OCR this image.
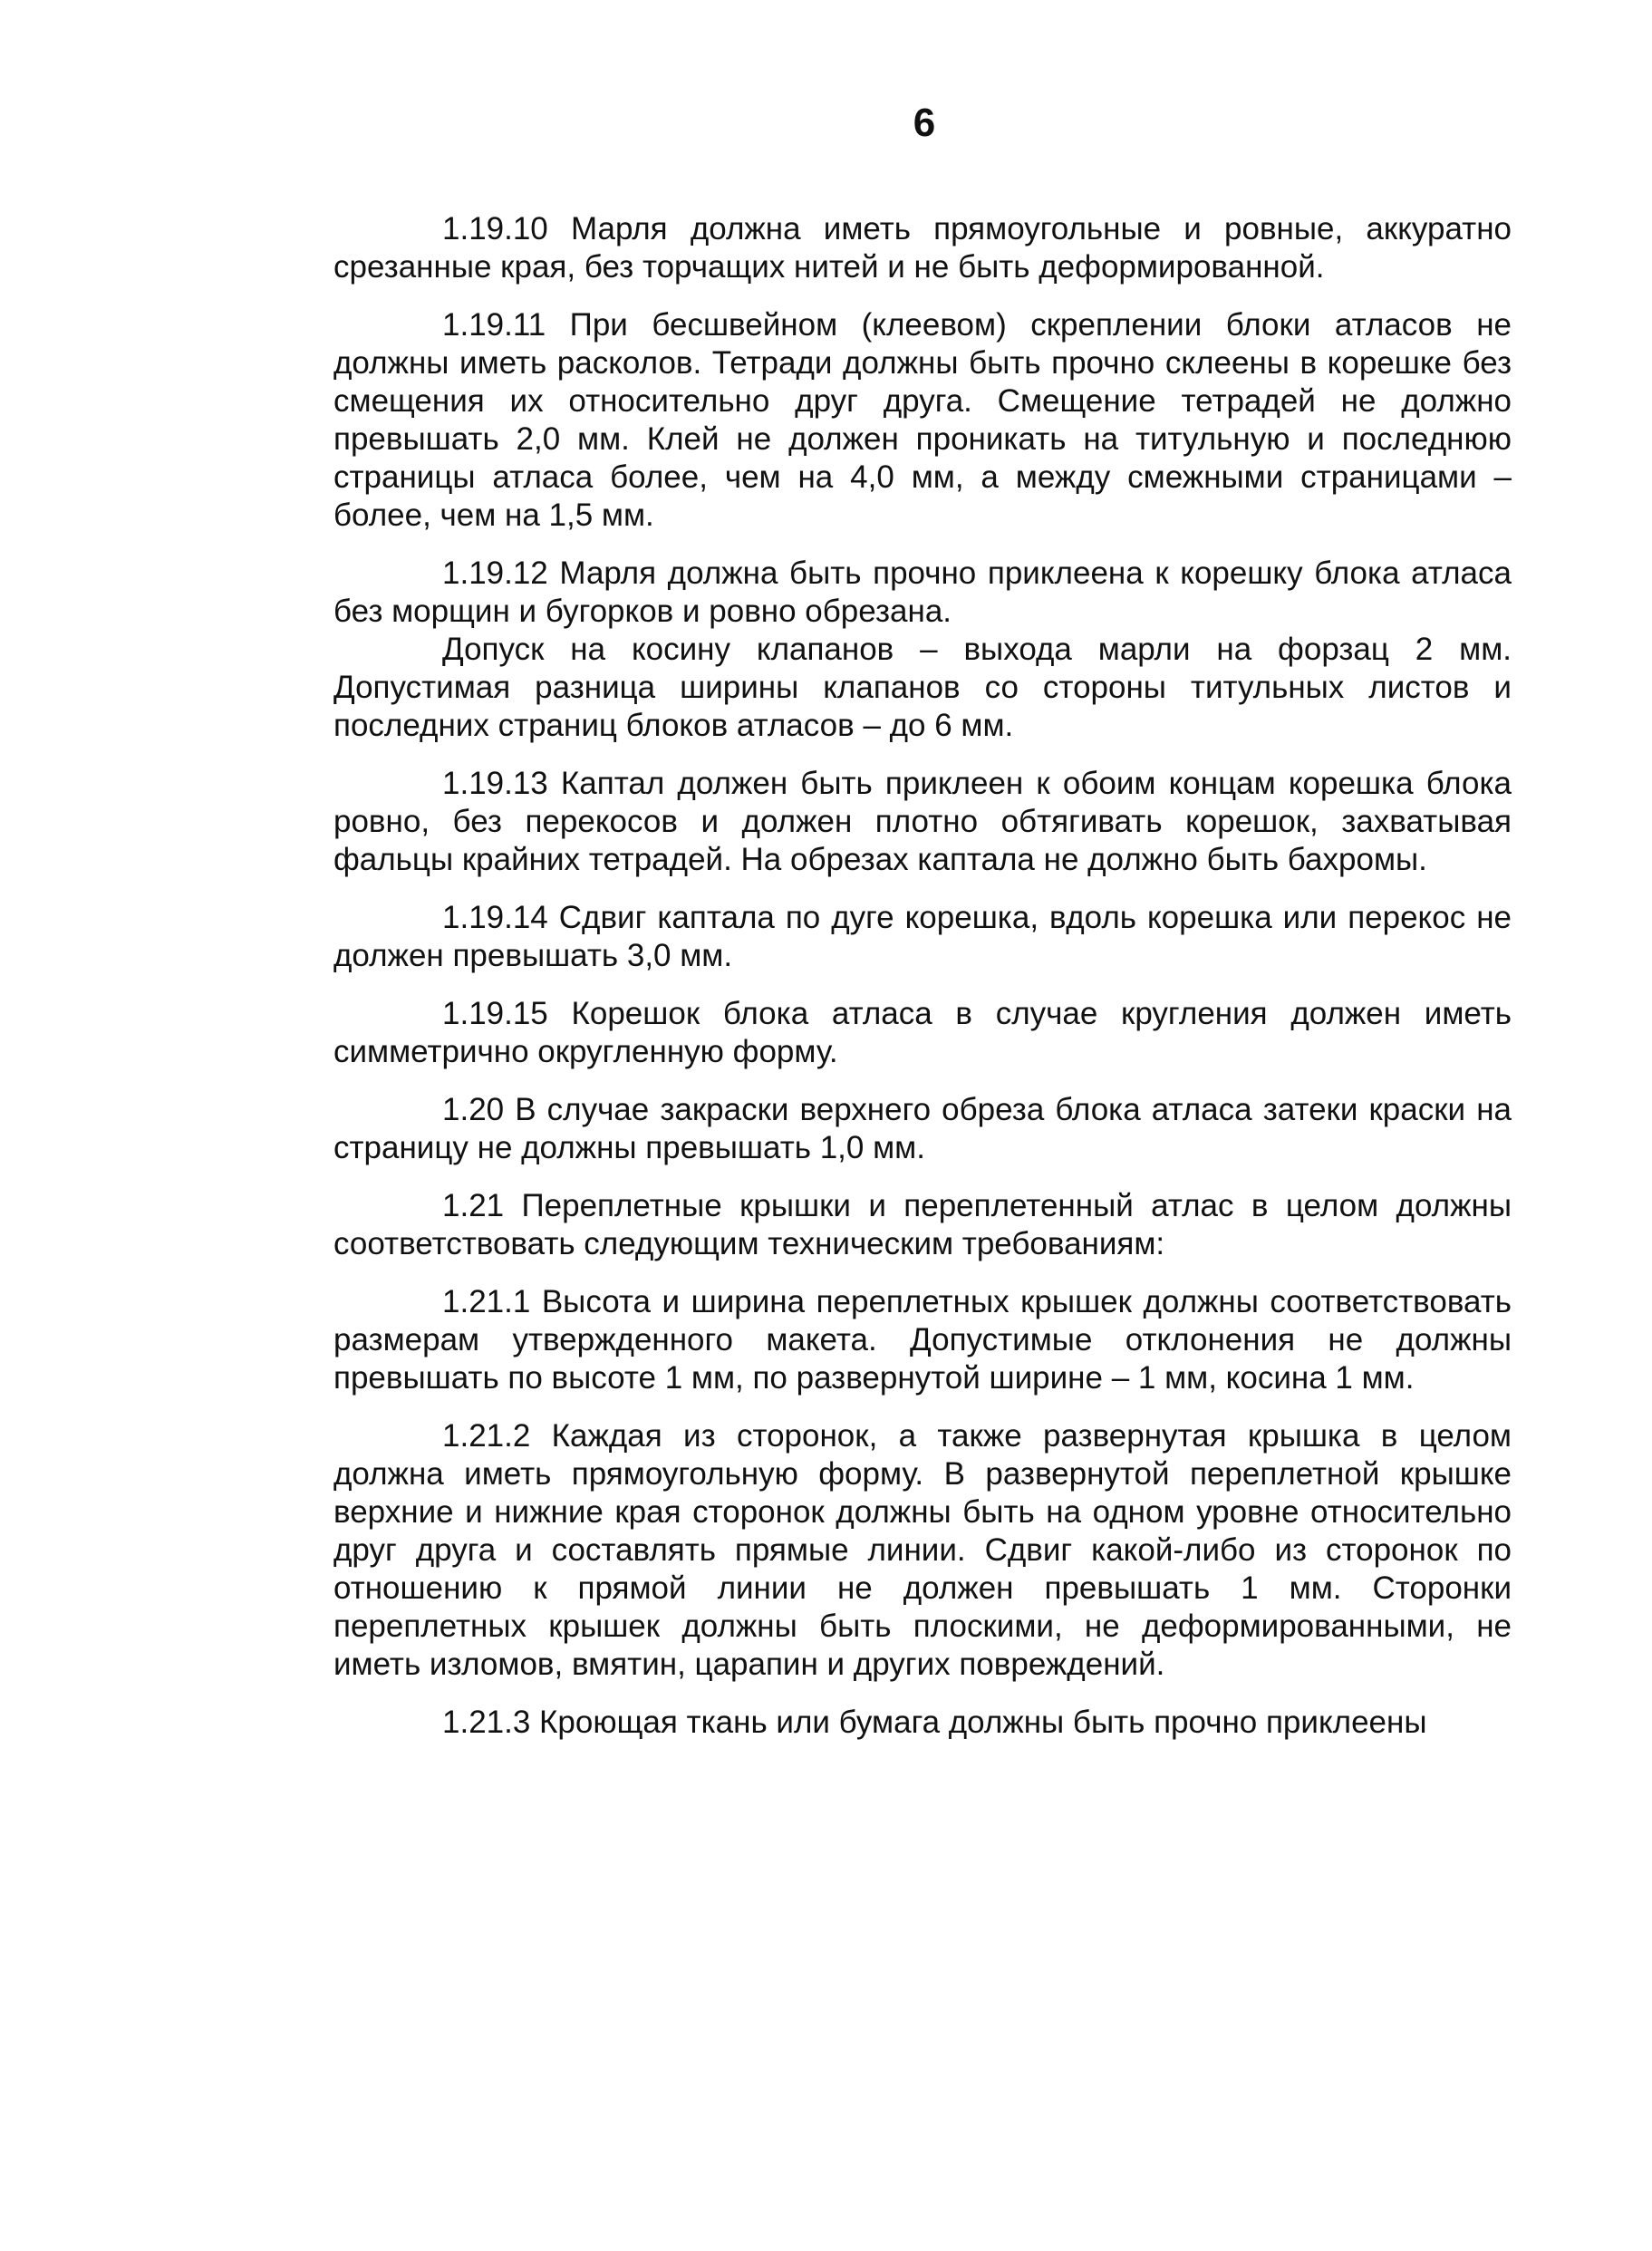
6

1.19.10 Марля должна иметь прямоугольные и ровные, аккуратно срезанные края, без торчащих нитей и не быть деформированной.

1.19.11 При бесшвейном (клеевом) скреплении блоки атласов не должны иметь расколов. Тетради должны быть прочно склеены в корешке без смещения их относительно друг друга. Смещение тетрадей не должно превышать 2,0 мм. Клей не должен проникать на титульную и последнюю страницы атласа более, чем на 4,0 мм, а между смежными страницами – более, чем на 1,5 мм.

1.19.12 Марля должна быть прочно приклеена к корешку блока атласа без морщин и бугорков и ровно обрезана.

Допуск на косину клапанов – выхода марли на форзац 2 мм. Допустимая разница ширины клапанов со стороны титульных листов и последних страниц блоков атласов – до 6 мм.

1.19.13 Каптал должен быть приклеен к обоим концам корешка блока ровно, без перекосов и должен плотно обтягивать корешок, захватывая фальцы крайних тетрадей. На обрезах каптала не должно быть бахромы.

1.19.14 Сдвиг каптала по дуге корешка, вдоль корешка или перекос не должен превышать 3,0 мм.

1.19.15 Корешок блока атласа в случае кругления должен иметь симметрично округленную форму.

1.20 В случае закраски верхнего обреза блока атласа затеки краски на страницу не должны превышать 1,0 мм.

1.21 Переплетные крышки и переплетенный атлас в целом должны соответствовать следующим техническим требованиям:

1.21.1 Высота и ширина переплетных крышек должны соответствовать размерам утвержденного макета. Допустимые отклонения не должны превышать по высоте 1 мм, по развернутой ширине – 1 мм, косина 1 мм.

1.21.2 Каждая из сторонок, а также развернутая крышка в целом должна иметь прямоугольную форму. В развернутой переплетной крышке верхние и нижние края сторонок должны быть на одном уровне относительно друг друга и составлять прямые линии. Сдвиг какой-либо из сторонок по отношению к прямой линии не должен превышать 1 мм. Сторонки переплетных крышек должны быть плоскими, не деформированными, не иметь изломов, вмятин, царапин и других повреждений.

1.21.3 Кроющая ткань или бумага должны быть прочно приклеены
